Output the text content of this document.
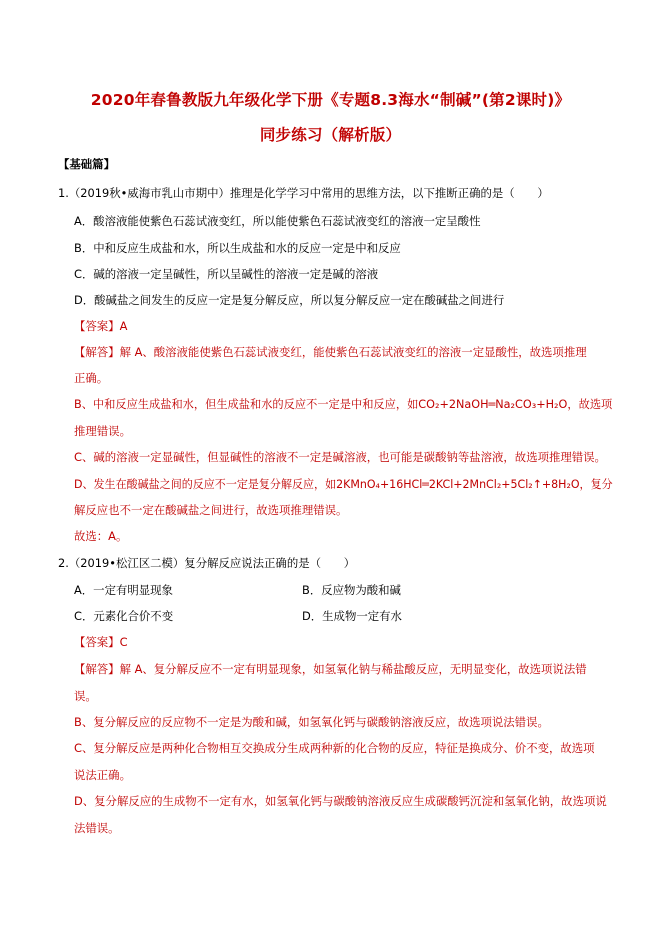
2020年春鲁教版九年级化学下册《专题8.3海水“制碱”(第2课时)》
同步练习（解析版）
【基础篇】
1.（2019秋•威海市乳山市期中）推理是化学学习中常用的思维方法，以下推断正确的是（　　）
A．酸溶液能使紫色石蕊试液变红，所以能使紫色石蕊试液变红的溶液一定呈酸性
B．中和反应生成盐和水，所以生成盐和水的反应一定是中和反应
C．碱的溶液一定呈碱性，所以呈碱性的溶液一定是碱的溶液
D．酸碱盐之间发生的反应一定是复分解反应，所以复分解反应一定在酸碱盐之间进行
【答案】A
【解答】解 A、酸溶液能使紫色石蕊试液变红，能使紫色石蕊试液变红的溶液一定显酸性，故选项推理
正确。
B、中和反应生成盐和水，但生成盐和水的反应不一定是中和反应，如CO₂+2NaOH═Na₂CO₃+H₂O，故选项
推理错误。
C、碱的溶液一定显碱性，但显碱性的溶液不一定是碱溶液，也可能是碳酸钠等盐溶液，故选项推理错误。
D、发生在酸碱盐之间的反应不一定是复分解反应，如2KMnO₄+16HCl═2KCl+2MnCl₂+5Cl₂↑+8H₂O，复分
解反应也不一定在酸碱盐之间进行，故选项推理错误。
故选：A。
2.（2019•松江区二模）复分解反应说法正确的是（　　）
A．一定有明显现象	B．反应物为酸和碱
C．元素化合价不变	D．生成物一定有水
【答案】C
【解答】解 A、复分解反应不一定有明显现象，如氢氧化钠与稀盐酸反应，无明显变化，故选项说法错
误。
B、复分解反应的反应物不一定是为酸和碱，如氢氧化钙与碳酸钠溶液反应，故选项说法错误。
C、复分解反应是两种化合物相互交换成分生成两种新的化合物的反应，特征是换成分、价不变，故选项
说法正确。
D、复分解反应的生成物不一定有水，如氢氧化钙与碳酸钠溶液反应生成碳酸钙沉淀和氢氧化钠，故选项说
法错误。
